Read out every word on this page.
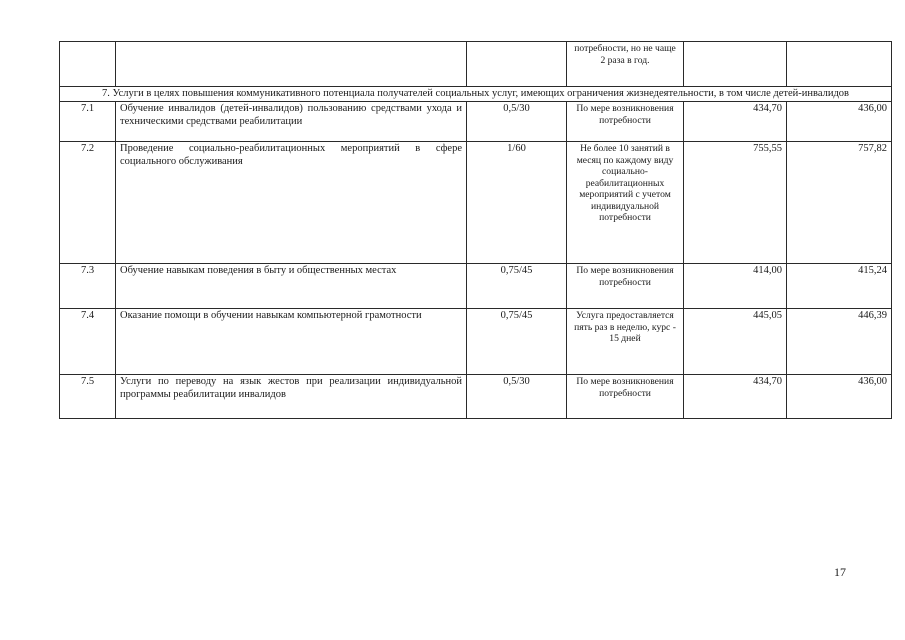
			потребности, но не чаще 2 раза в год.		
7. Услуги в целях повышения коммуникативного потенциала получателей социальных услуг, имеющих ограничения жизнедеятельности, в том числе детей-инвалидов					
7.1	Обучение инвалидов (детей-инвалидов) пользованию средствами ухода и техническими средствами реабилитации	0,5/30	По мере возникновения потребности	434,70	436,00
7.2	Проведение социально-реабилитационных мероприятий в сфере социального обслуживания	1/60	Не более 10 занятий в месяц по каждому виду социально-реабилитационных мероприятий с учетом индивидуальной потребности	755,55	757,82
7.3	Обучение навыкам поведения в быту и общественных местах	0,75/45	По мере возникновения потребности	414,00	415,24
7.4	Оказание помощи в обучении навыкам компьютерной грамотности	0,75/45	Услуга предоставляется пять раз в неделю, курс - 15 дней	445,05	446,39
7.5	Услуги по переводу на язык жестов при реализации индивидуальной программы реабилитации инвалидов	0,5/30	По мере возникновения потребности	434,70	436,00
17
